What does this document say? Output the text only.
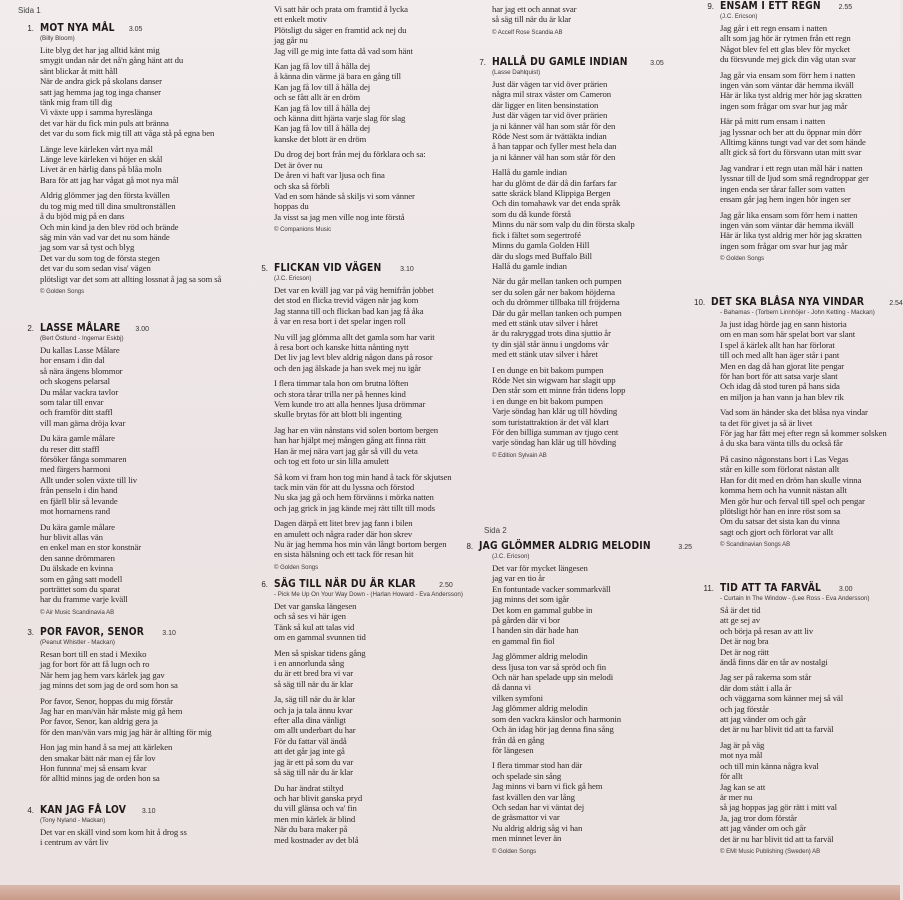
Sida 1
1. MOT NYA MÅL 3.05
(Billy Bloom)
Lite blyg det har jag alltid känt mig
smygit undan när det nå'n gång hänt att du
sänt blickar åt mitt håll
När de andra gick på skolans danser
satt jag hemma jag tog inga chanser
tänk mig fram till dig
Vi växte upp i samma hyreslänga
det var här du fick min puls att bränna
det var du som fick mig till att våga stå på egna ben
Länge leve kärleken vårt nya mål
Länge leve kärleken vi höjer en skål
Livet är en härlig dans på blåa moln
Bara för att jag har vågat gå mot nya mål
Aldrig glömmer jag den första kvällen
du tog mig med till dina smultronställen
å du bjöd mig på en dans
Och min kind ja den blev röd och brände
säg min vän vad var det nu som hände
jag som var så tyst och blyg
Det var du som tog de första stegen
det var du som sedan visa' vägen
plötsligt var det som att allting lossnat å jag sa som så
© Golden Songs
2. LASSE MÅLARE 3.00
(Bert Östlund - Ingemar Eskbj)
Du kallas Lasse Målare
hor ensam i din dal
så nära ängens blommor
och skogens pelarsal
Du målar vackra tavlor
som talar till envar
och framför ditt staffl
vill man gärna dröja kvar
Du kära gamle målare
du reser ditt staffl
försöker fånga sommaren
med färgers harmoni
Allt under solen växte till liv
från penseln i din hand
en fjärll blir så levande
mot hornarnens rand
Du kära gamle målare
hur blivit allas vän
en enkel man en stor konstnär
den sanne drömmaren
Du älskade en kvinna
som en gång satt modell
porträttet som du sparat
har du framme varje kväll
© Air Music Scandinavia AB
3. POR FAVOR, SENOR	3.10
(Peanut Whistler - Mackan)
Resan bort till en stad i Mexiko
jag for bort för att få lugn och ro
När hem jag hem vars kärlek jag gav
jag minns det som jag de ord som hon sa
Por favor, Senor, hoppas du mig förstår
Jag har en man/vän här måste mig gå hem
Por favor, Senor, kan aldrig gera ja
för den man/vän vars mig jag här är allting för mig
Hon jag min hand å sa mej att kärleken
den smakar bätt när man ej får lov
Hon funnna' mej så ensam kvar
för alltid minns jag de orden hon sa
4. KAN JAG FÅ LOV 3.10
(Tony Nyland - Mackan)
Det var en skäll vind som kom hit å drog ss
i centrum av vårt liv
Vi satt här och prata om framtid å lycka
ett enkelt motiv
Plötsligt du säger en framtid ack nej du
jag går nu
Jag vill ge mig inte fatta då vad som hänt
Kan jag få lov till å hålla dej
å känna din värme jä bara en gång till
Kan jag få lov till å hålla dej
och se fått allt är en dröm
Kan jag få lov till å hålla dej
och känna ditt hjärta varje slag för slag
Kan jag få lov till å hålla dej
kanske det blott är en dröm
Du drog dej bort från mej du förklara och sa:
Det är över nu
De åren vi haft var ljusa och fina
och ska så förbli
Vad en som hände så skiljs vi som vänner
hoppas du
Ja visst sa jag men ville nog inte förstå
© Companions Music
5. FLICKAN VID VÄGEN	3.10
(J.C. Ericson)
Det var en kväll jag var på väg hemifrån jobbet
det stod en flicka trevid vägen när jag kom
Jag stanna till och flickan bad kan jag få åka
å var en resa bort i det spelar ingen roll
Nu vill jag glömma allt det gamla som har varit
å resa bort och kanske hitta nånting nytt
Det liv jag levt blev aldrig någon dans på rosor
och den jag älskade ja han svek mej nu igår
I flera timmar tala hon om brutna löften
och stora tårar trilla ner på hennes kind
Vem kunde tro att alla hennes ljusa drömmar
skulle brytas för att blott bli ingenting
Jag har en vän nånstans vid solen bortom bergen
han har hjälpt mej mången gång att finna rätt
Han är mej nära vart jag går så vill du veta
och tog ett foto ur sin lilla amulett
Så kom vi fram hon tog min hand å tack för skjutsen
tack min vän för att du lyssna och förstod
Nu ska jag gå och hem förvänns i mörka natten
och jag grick in jag kände mej rätt tillt till mods
Dagen därpå ett litet brev jag fann i bilen
en amulett och några rader där hon skrev
Nu är jag hemma hos min vän långt bortom bergen
en sista hälsning och ett tack för resan hit
© Golden Songs
6. SÄG TILL NÄR DU ÄR KLAR	2.50
- Pick Me Up On Your Way Down - (Harlan Howard - Eva Andersson)
Det var ganska längesen
och så ses vi här igen
Tänk så kul att talas vid
om en gammal svunnen tid
Men så spiskar tidens gång
i en annorlunda sång
du är ett bred bra vi var
så säg till när du är klar
Ja, säg till när du är klar
och ja ja tala ännu kvar
efter alla dina vänligt
om allt underbart du har
För du fattar väl ändå
att det går jag inte gå
jag är ett på som du var
så säg till när du är klar
Du har ändrat stiltyd
och har blivit ganska pryd
du vill glänsa och va' fin
men min kärlek är blind
När du bara maker på
med kostnader av det blå
har jag ett och annat svar
så säg till när du är klar
© Accelf Rose Scandia AB
7. HALLÅ DU GAMLE INDIAN	3.05
(Lasse Dahlquist)
Just där vägen tar vid över prärien
några mil strax väster om Cameron
där ligger en liten bensinstation
Just där vägen tar vid över prärien
ja ni känner väl han som står för den
Röde Nest som är tvättäkta indian
å han tappar och fyller mest hela dan
ja ni känner väl han som står för den
Hallå du gamle indian
har du glömt de där då din farfars far
satte skräck bland Klippiga Bergen
Och din tomahawk var det enda språk
som du då kunde förstå
Minns du när som valp du din första skalp
fick i fältet som segertrofé
Minns du gamla Golden Hill
där du slogs med Buffalo Bill
Hallå du gamle indian
När du går mellan tanken och pumpen
ser du solen går ner bakom höjderna
och du drömmer tillbaka till fröjderna
Där du går mellan tanken och pumpen
med ett stänk utav silver i håret
är du rakryggad trots dina sjuttio år
ty din själ står ännu i ungdoms vår
med ett stänk utav silver i håret
I en dunge en bit bakom pumpen
Röde Net sin wigwam har slagit upp
Den står som ett minne från tidens lopp
i en dunge en bit bakom pumpen
Varje söndag han klär ug till hövding
som turistattraktion är det väl klart
För den billiga summan av tjugo cent
varje söndag han klär ug till hövding
© Edition Sylvain AB
Sida 2
8. JAG GLÖMMER ALDRIG MELODIN	3.25
(J.C. Ericson)
Det var för mycket längesen
jag var en tio år
En fontuntade vacker sommarkväll
jag minns det som igår
Det kom en gammal gubbe in
på gården där vi bor
I handen sin där hade han
en gammal fin fiol
Jag glömmer aldrig melodin
dess ljusa ton var så spröd och fin
Och när han spelade upp sin melodi
då danna vi
vilken symfoni
Jag glömmer aldrig melodin
som den vackra känslor och harmonin
Och än idag hör jag denna fina sång
från då en gång
för längesen
I flera timmar stod han där
och spelade sin sång
Jag minns vi barn vi fick gå hem
fast kvällen den var lång
Och sedan har vi väntat dej
de gräsmattor vi var
Nu aldrig aldrig såg vi han
men minnet lever än
© Golden Songs
9. ENSAM I ETT REGN	2.55
(J.C. Ericson)
Jag går i ett regn ensam i natten
allt som jag hör är rytmen från ett regn
Något blev fel ett glas blev för mycket
du försvunde mej gick din väg utan svar
Jag går via ensam som förr hem i natten
ingen vän som väntar där hemma ikväll
Här är lika tyst aldrig mer hör jag skratten
ingen som frågar om svar hur jag mår
Här på mitt rum ensam i natten
jag lyssnar och ber att du öppnar min dörr
Alltimg känns tungt vad var det som hände
allt gick så fort du försvann utan mitt svar
Jag vandrar i ett regn utan mål här i natten
lyssnar till de ljud som små regndroppar ger
ingen enda ser tårar faller som vatten
ensam går jag hem ingen hör ingen ser
Jag går lika ensam som förr hem i natten
ingen vän som väntar där hemma ikväll
Här är lika tyst aldrig mer hör jag skratten
ingen som frågar om svar hur jag mår
© Golden Songs
10. DET SKA BLÅSA NYA VINDAR	2.54
- Bahamas - (Torbern Linnhöjer - John Ketting - Mackan)
Ja just idag hörde jag en sann historia
om en man som här spelat bort var slant
I spel å kärlek allt han har förlorat
till och med allt han äger står i pant
Men en dag då han gjorat lite pengar
för han bort för att satsa varje slant
Och idag då stod turen på hans sida
en miljon ja han vann ja han blev rik
Vad som än händer ska det blåsa nya vindar
ta det för givet ja så är livet
För jag har fått mej efter regn så kommer solsken
å du ska bara vänta tills du också får
På casino någonstans bort i Las Vegas
står en kille som förlorat nästan allt
Han for dit med en dröm han skulle vinna
komma hem och ha vunnit nästan allt
Men gör hur och ferval till spel och pengar
plötsligt hör han en inre röst som sa
Om du satsar det sista kan du vinna
sagt och gjort och förlorat var allt
© Scandinavian Songs AB
11. TID ATT TA FARVÄL	3.00
- Curtain In The Window - (Lee Ross - Eva Andersson)
Så är det tid
att ge sej av
och börja på resan av att liv
Det är nog bra
Det är nog rätt
ändå finns där en tår av nostalgi
Jag ser på rakerna som står
där dom stått i alla år
och väggarna som känner mej så väl
och jag förstår
att jag vänder om och går
det är nu har blivit tid att ta farväl
Jag är på väg
mot nya mål
och till min känna några kval
för allt
Jag kan se att
är mer nu
så jag hoppas jag gör rätt i mitt val
Ja, jag tror dom förstår
att jag vänder om och går
det är nu har blivit tid att ta farväl
© EMI Music Publishing (Sweden) AB
